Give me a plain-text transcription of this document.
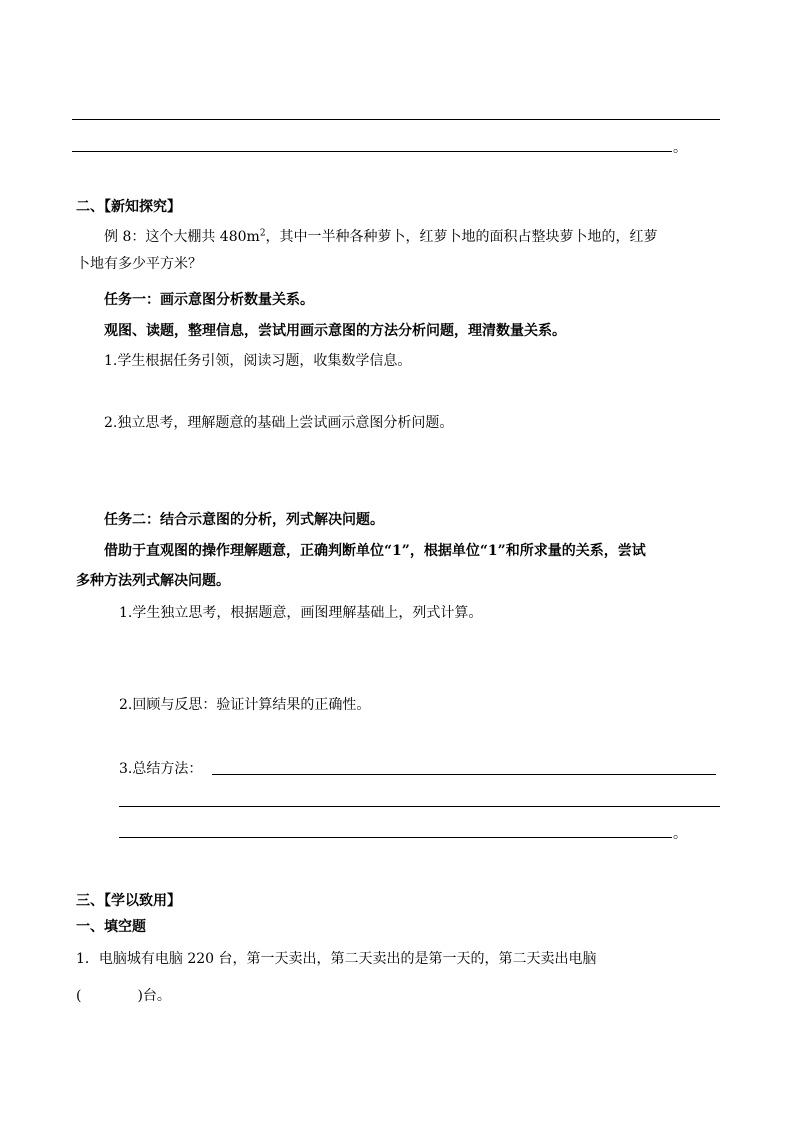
。
二、【新知探究】
例 8：这个大棚共 $480m^2$，其中一半种各种萝卜，红萝卜地的面积占整块萝卜地的，红萝
卜地有多少平方米？
任务一：画示意图分析数量关系。
观图、读题，整理信息，尝试用画示意图的方法分析问题，理清数量关系。
1.学生根据任务引领，阅读习题，收集数学信息。
2.独立思考，理解题意的基础上尝试画示意图分析问题。
任务二：结合示意图的分析，列式解决问题。
借助于直观图的操作理解题意，正确判断单位“1”，根据单位“1”和所求量的关系，尝试
多种方法列式解决问题。
1.学生独立思考，根据题意，画图理解基础上，列式计算。
2.回顾与反思：验证计算结果的正确性。
3.总结方法：
。
三、【学以致用】
一、填空题
1．电脑城有电脑 220 台，第一天卖出，第二天卖出的是第一天的，第二天卖出电脑
(　　　　)台。
